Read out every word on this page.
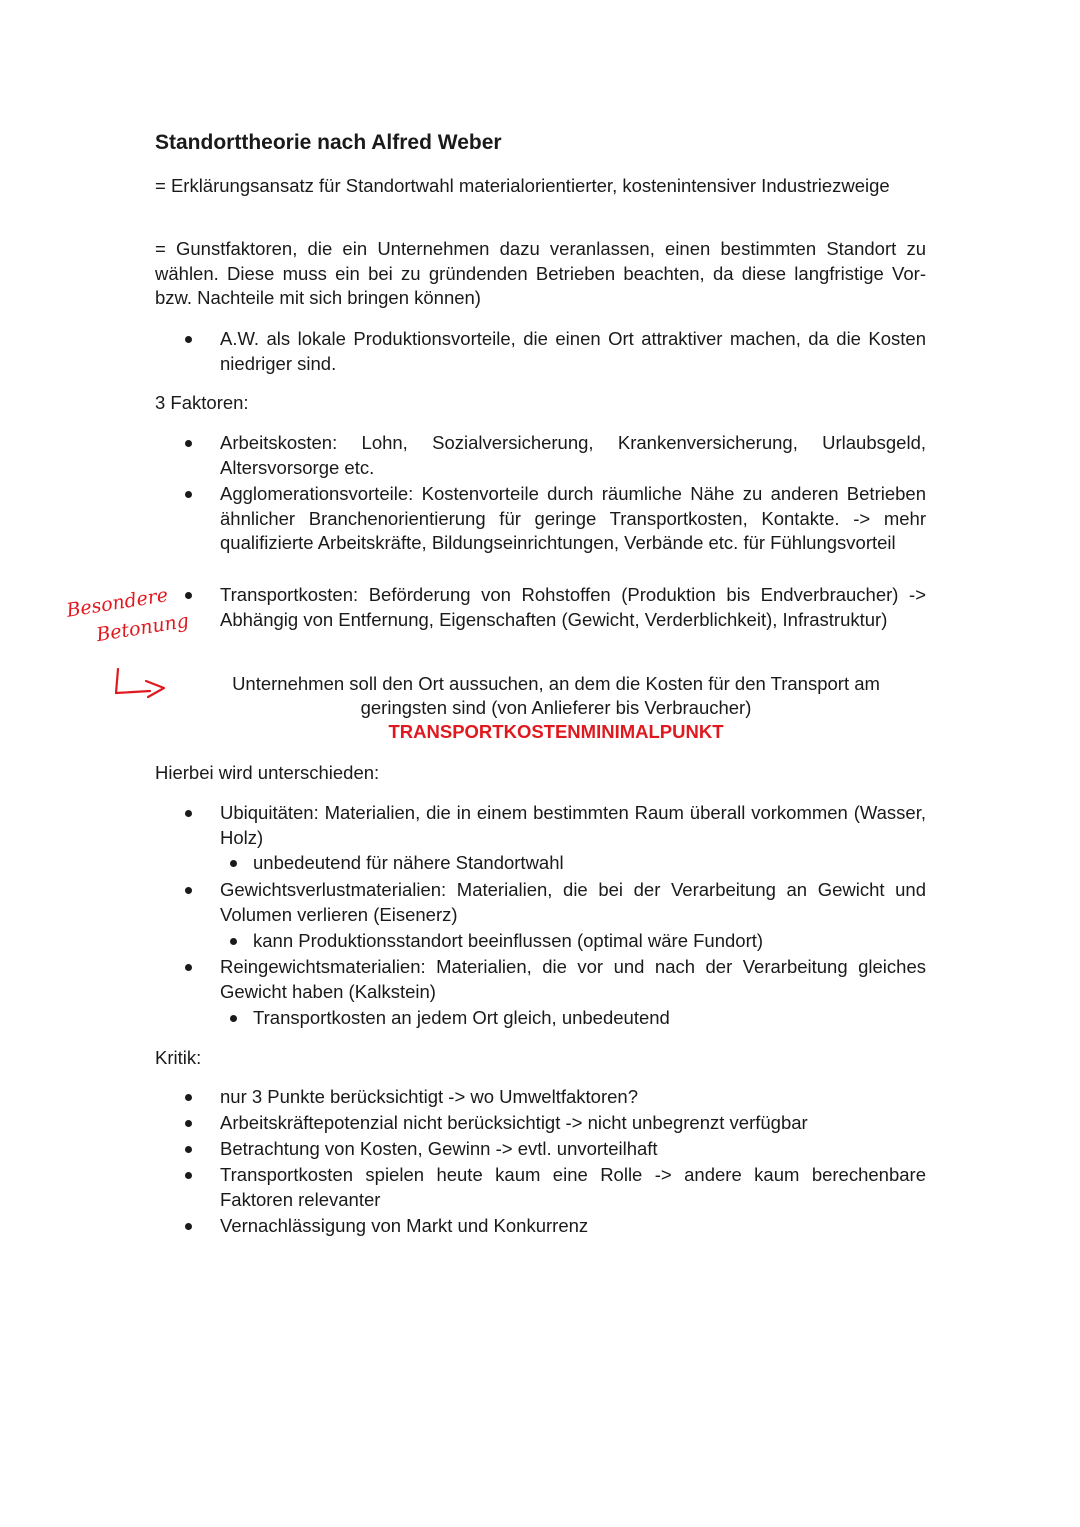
Standorttheorie nach Alfred Weber
= Erklärungsansatz für Standortwahl materialorientierter, kostenintensiver Industriezweige
= Gunstfaktoren, die ein Unternehmen dazu veranlassen, einen bestimmten Standort zu wählen. Diese muss ein bei zu gründenden Betrieben beachten, da diese langfristige Vor- bzw. Nachteile mit sich bringen können)
A.W. als lokale Produktionsvorteile, die einen Ort attraktiver machen, da die Kosten niedriger sind.
3 Faktoren:
Arbeitskosten: Lohn, Sozialversicherung, Krankenversicherung, Urlaubsgeld, Altersvorsorge etc.
Agglomerationsvorteile: Kostenvorteile durch räumliche Nähe zu anderen Betrieben ähnlicher Branchenorientierung für geringe Transportkosten, Kontakte. -> mehr qualifizierte Arbeitskräfte, Bildungseinrichtungen, Verbände etc. für Fühlungsvorteil
Transportkosten: Beförderung von Rohstoffen (Produktion bis Endverbraucher) -> Abhängig von Entfernung, Eigenschaften (Gewicht, Verderblichkeit), Infrastruktur)
Besondere
Betonung
Unternehmen soll den Ort aussuchen, an dem die Kosten für den Transport am
geringsten sind (von Anlieferer bis Verbraucher)
TRANSPORTKOSTENMINIMALPUNKT
Hierbei wird unterschieden:
Ubiquitäten: Materialien, die in einem bestimmten Raum überall vorkommen (Wasser, Holz)
unbedeutend für nähere Standortwahl
Gewichtsverlustmaterialien: Materialien, die bei der Verarbeitung an Gewicht und Volumen verlieren (Eisenerz)
kann Produktionsstandort beeinflussen (optimal wäre Fundort)
Reingewichtsmaterialien: Materialien, die vor und nach der Verarbeitung gleiches Gewicht haben (Kalkstein)
Transportkosten an jedem Ort gleich, unbedeutend
Kritik:
nur 3 Punkte berücksichtigt -> wo Umweltfaktoren?
Arbeitskräftepotenzial nicht berücksichtigt -> nicht unbegrenzt verfügbar
Betrachtung von Kosten, Gewinn -> evtl. unvorteilhaft
Transportkosten spielen heute kaum eine Rolle -> andere kaum berechenbare Faktoren relevanter
Vernachlässigung von Markt und Konkurrenz
